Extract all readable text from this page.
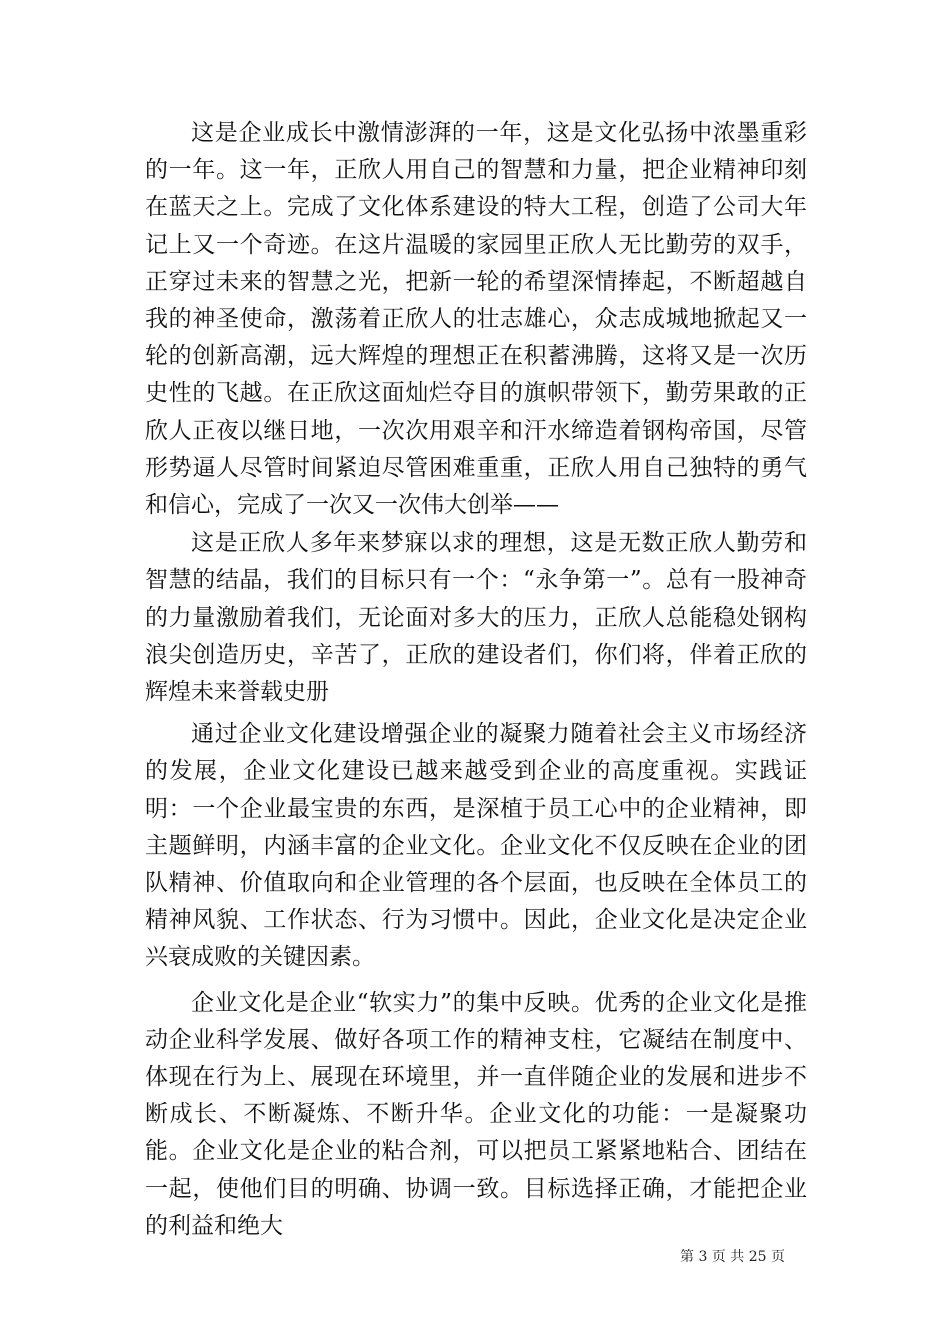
这是企业成长中激情澎湃的一年，这是文化弘扬中浓墨重彩的一年。这一年，正欣人用自己的智慧和力量，把企业精神印刻在蓝天之上。完成了文化体系建设的特大工程，创造了公司大年记上又一个奇迹。在这片温暖的家园里正欣人无比勤劳的双手，正穿过未来的智慧之光，把新一轮的希望深情捧起，不断超越自我的神圣使命，激荡着正欣人的壮志雄心，众志成城地掀起又一轮的创新高潮，远大辉煌的理想正在积蓄沸腾，这将又是一次历史性的飞越。在正欣这面灿烂夺目的旗帜带领下，勤劳果敢的正欣人正夜以继日地，一次次用艰辛和汗水缔造着钢构帝国，尽管形势逼人尽管时间紧迫尽管困难重重，正欣人用自己独特的勇气和信心，完成了一次又一次伟大创举——

这是正欣人多年来梦寐以求的理想，这是无数正欣人勤劳和智慧的结晶，我们的目标只有一个：“永争第一”。总有一股神奇的力量激励着我们，无论面对多大的压力，正欣人总能稳处钢构浪尖创造历史，辛苦了，正欣的建设者们，你们将，伴着正欣的辉煌未来誉载史册

通过企业文化建设增强企业的凝聚力随着社会主义市场经济的发展，企业文化建设已越来越受到企业的高度重视。实践证明：一个企业最宝贵的东西，是深植于员工心中的企业精神，即主题鲜明，内涵丰富的企业文化。企业文化不仅反映在企业的团队精神、价值取向和企业管理的各个层面，也反映在全体员工的精神风貌、工作状态、行为习惯中。因此，企业文化是决定企业兴衰成败的关键因素。

企业文化是企业“软实力”的集中反映。优秀的企业文化是推动企业科学发展、做好各项工作的精神支柱，它凝结在制度中、体现在行为上、展现在环境里，并一直伴随企业的发展和进步不断成长、不断凝炼、不断升华。企业文化的功能：一是凝聚功能。企业文化是企业的粘合剂，可以把员工紧紧地粘合、团结在一起，使他们目的明确、协调一致。目标选择正确，才能把企业的利益和绝大

第 3 页 共 25 页
